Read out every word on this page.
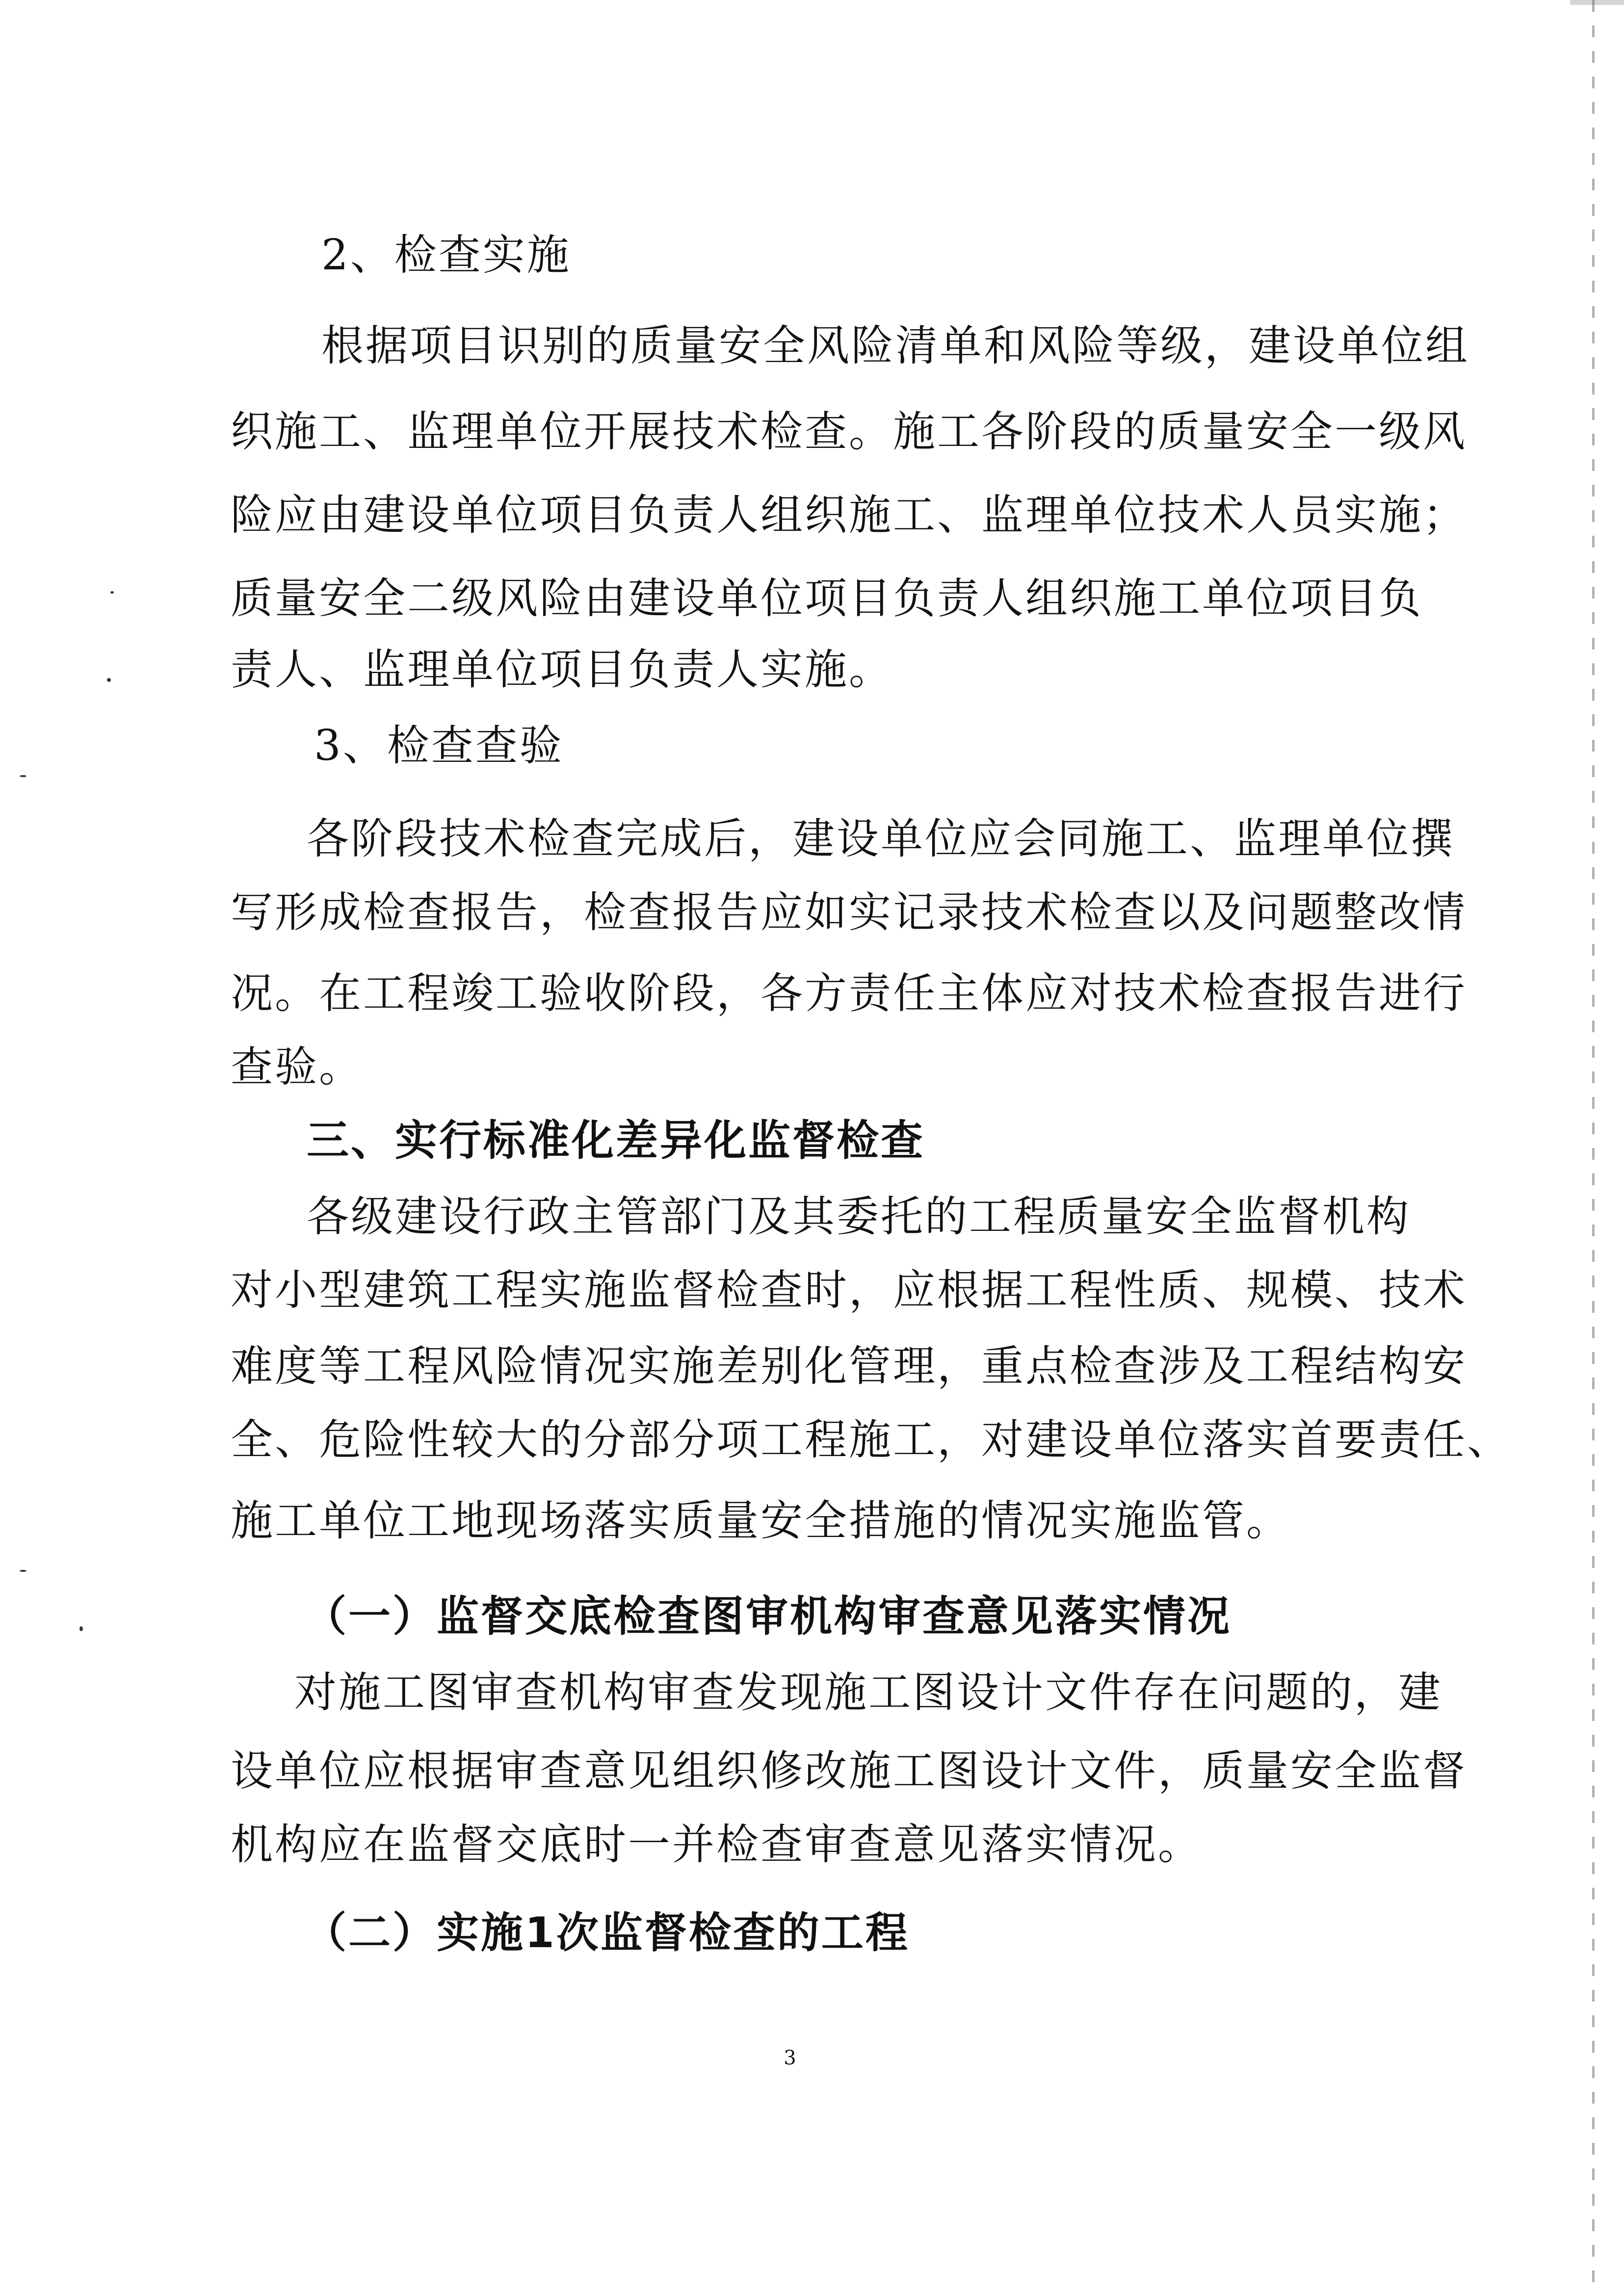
2、检查实施
根据项目识别的质量安全风险清单和风险等级，建设单位组
织施工、监理单位开展技术检查。施工各阶段的质量安全一级风
险应由建设单位项目负责人组织施工、监理单位技术人员实施；
质量安全二级风险由建设单位项目负责人组织施工单位项目负
责人、监理单位项目负责人实施。
3、检查查验
各阶段技术检查完成后，建设单位应会同施工、监理单位撰
写形成检查报告，检查报告应如实记录技术检查以及问题整改情
况。在工程竣工验收阶段，各方责任主体应对技术检查报告进行
查验。
三、实行标准化差异化监督检查
各级建设行政主管部门及其委托的工程质量安全监督机构
对小型建筑工程实施监督检查时，应根据工程性质、规模、技术
难度等工程风险情况实施差别化管理，重点检查涉及工程结构安
全、危险性较大的分部分项工程施工，对建设单位落实首要责任、
施工单位工地现场落实质量安全措施的情况实施监管。
（一）监督交底检查图审机构审查意见落实情况
对施工图审查机构审查发现施工图设计文件存在问题的，建
设单位应根据审查意见组织修改施工图设计文件，质量安全监督
机构应在监督交底时一并检查审查意见落实情况。
（二）实施1次监督检查的工程
3
